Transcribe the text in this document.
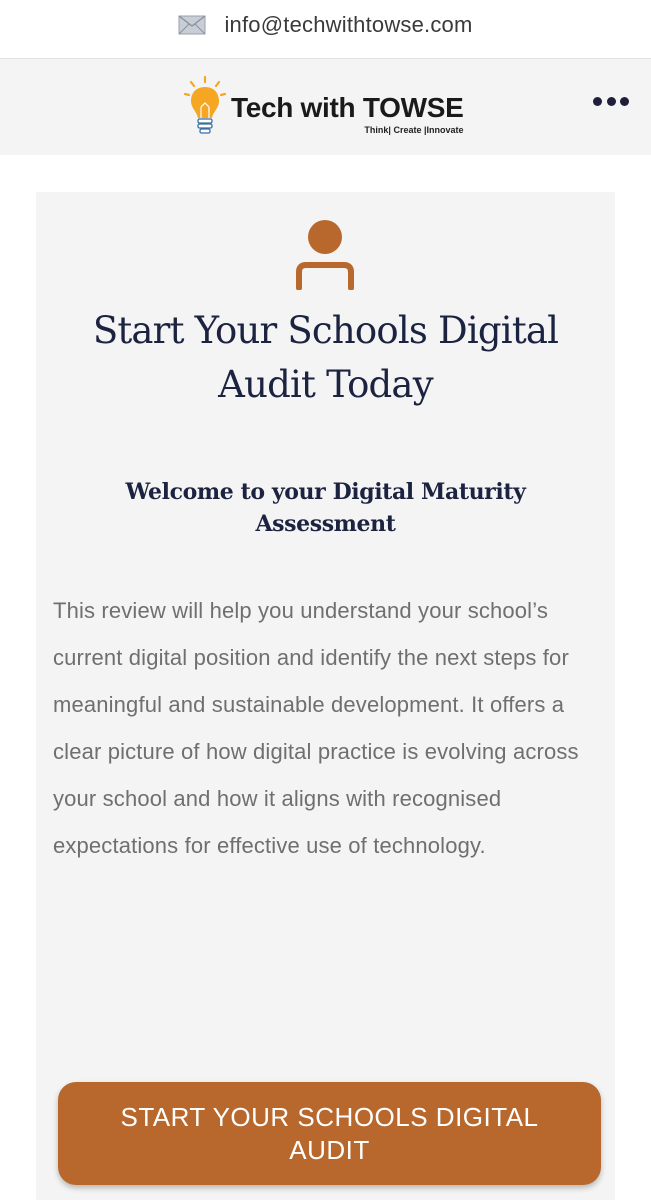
info@techwithtowse.com
Tech with TOWSE
Think| Create |Innovate
Start Your Schools Digital Audit Today
Welcome to your Digital Maturity Assessment
This review will help you understand your school’s current digital position and identify the next steps for meaningful and sustainable development. It offers a clear picture of how digital practice is evolving across your school and how it aligns with recognised expectations for effective use of technology.
START YOUR SCHOOLS DIGITAL AUDIT
